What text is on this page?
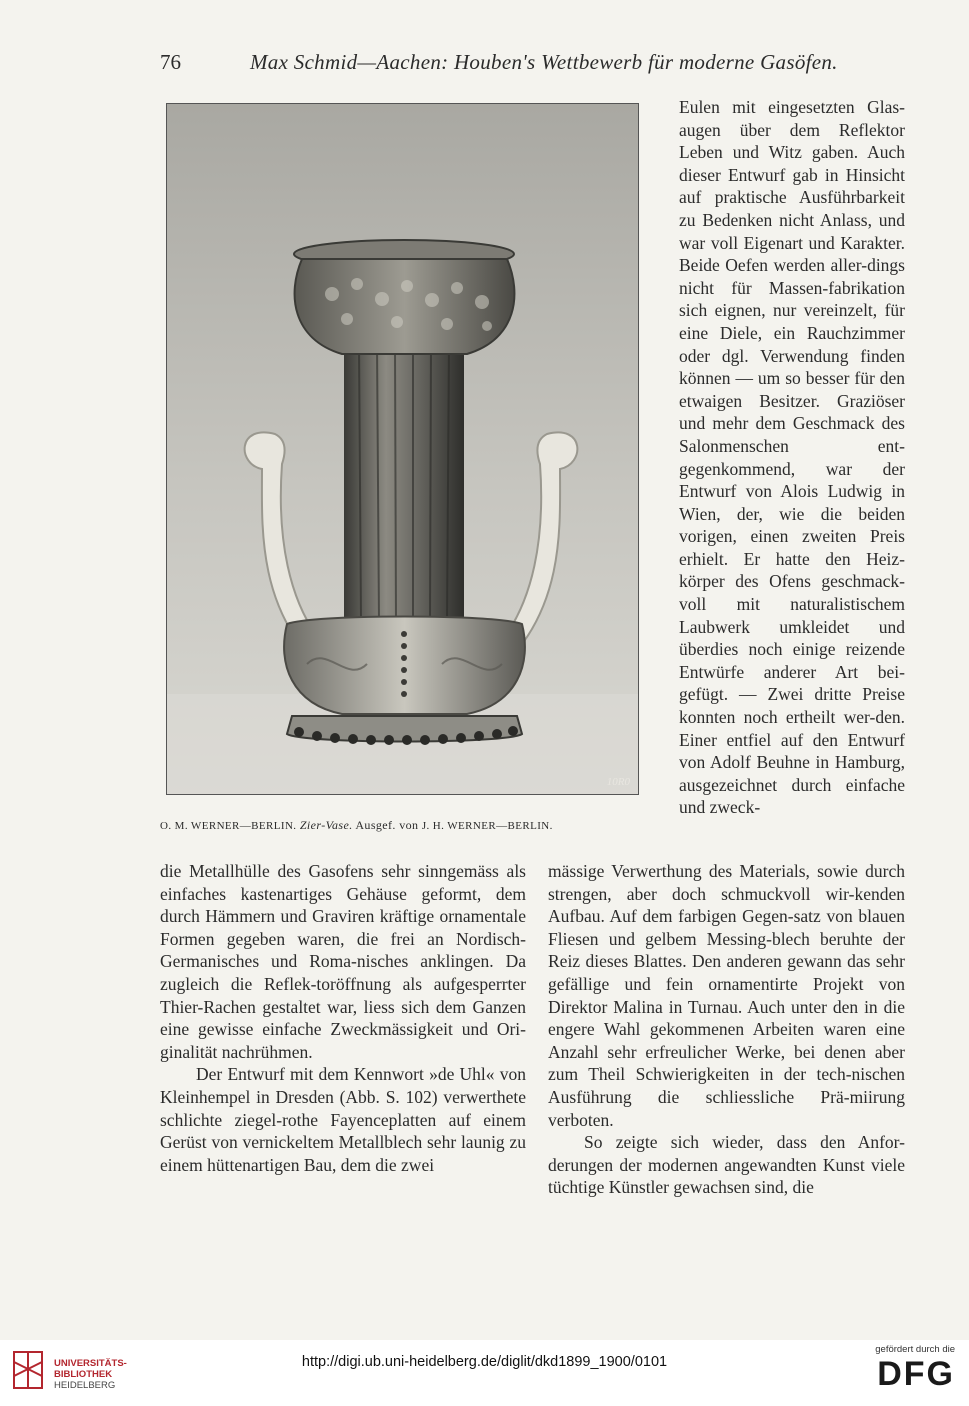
76	Max Schmid—Aachen: Houben's Wettbewerb für moderne Gasöfen.
10R0
O. M. WERNER—BERLIN. Zier-Vase. Ausgef. von J. H. WERNER—BERLIN.

Eulen mit eingesetzten Glas-augen über dem Reflektor Leben und Witz gaben. Auch dieser Entwurf gab in Hinsicht auf praktische Ausführbarkeit zu Bedenken nicht Anlass, und war voll Eigenart und Karakter. Beide Oefen werden aller-dings nicht für Massen-fabrikation sich eignen, nur vereinzelt, für eine Diele, ein Rauchzimmer oder dgl. Verwendung finden können — um so besser für den etwaigen Besitzer. Graziöser und mehr dem Geschmack des Salonmenschen ent-gegenkommend, war der Entwurf von Alois Ludwig in Wien, der, wie die beiden vorigen, einen zweiten Preis erhielt. Er hatte den Heiz-körper des Ofens geschmack-voll mit naturalistischem Laubwerk umkleidet und überdies noch einige reizende Entwürfe anderer Art bei-gefügt. — Zwei dritte Preise konnten noch ertheilt wer-den. Einer entfiel auf den Entwurf von Adolf Beuhne in Hamburg, ausgezeichnet durch einfache und zweck-

die Metallhülle des Gasofens sehr sinngemäss als einfaches kastenartiges Gehäuse geformt, dem durch Hämmern und Graviren kräftige ornamentale Formen gegeben waren, die frei an Nordisch-Germanisches und Roma-nisches anklingen. Da zugleich die Reflek-toröffnung als aufgesperrter Thier-Rachen gestaltet war, liess sich dem Ganzen eine gewisse einfache Zweckmässigkeit und Ori-ginalität nachrühmen.

Der Entwurf mit dem Kennwort »de Uhl« von Kleinhempel in Dresden (Abb. S. 102) verwerthete schlichte ziegel-rothe Fayenceplatten auf einem Gerüst von vernickeltem Metallblech sehr launig zu einem hüttenartigen Bau, dem die zwei

mässige Verwerthung des Materials, sowie durch strengen, aber doch schmuckvoll wir-kenden Aufbau. Auf dem farbigen Gegen-satz von blauen Fliesen und gelbem Messing-blech beruhte der Reiz dieses Blattes. Den anderen gewann das sehr gefällige und fein ornamentirte Projekt von Direktor Malina in Turnau. Auch unter den in die engere Wahl gekommenen Arbeiten waren eine Anzahl sehr erfreulicher Werke, bei denen aber zum Theil Schwierigkeiten in der tech-nischen Ausführung die schliessliche Prä-miirung verboten.

So zeigte sich wieder, dass den Anfor-derungen der modernen angewandten Kunst viele tüchtige Künstler gewachsen sind, die

UNIVERSITÄTS-
BIBLIOTHEK
HEIDELBERG
http://digi.ub.uni-heidelberg.de/diglit/dkd1899_1900/0101
gefördert durch die
DFG
